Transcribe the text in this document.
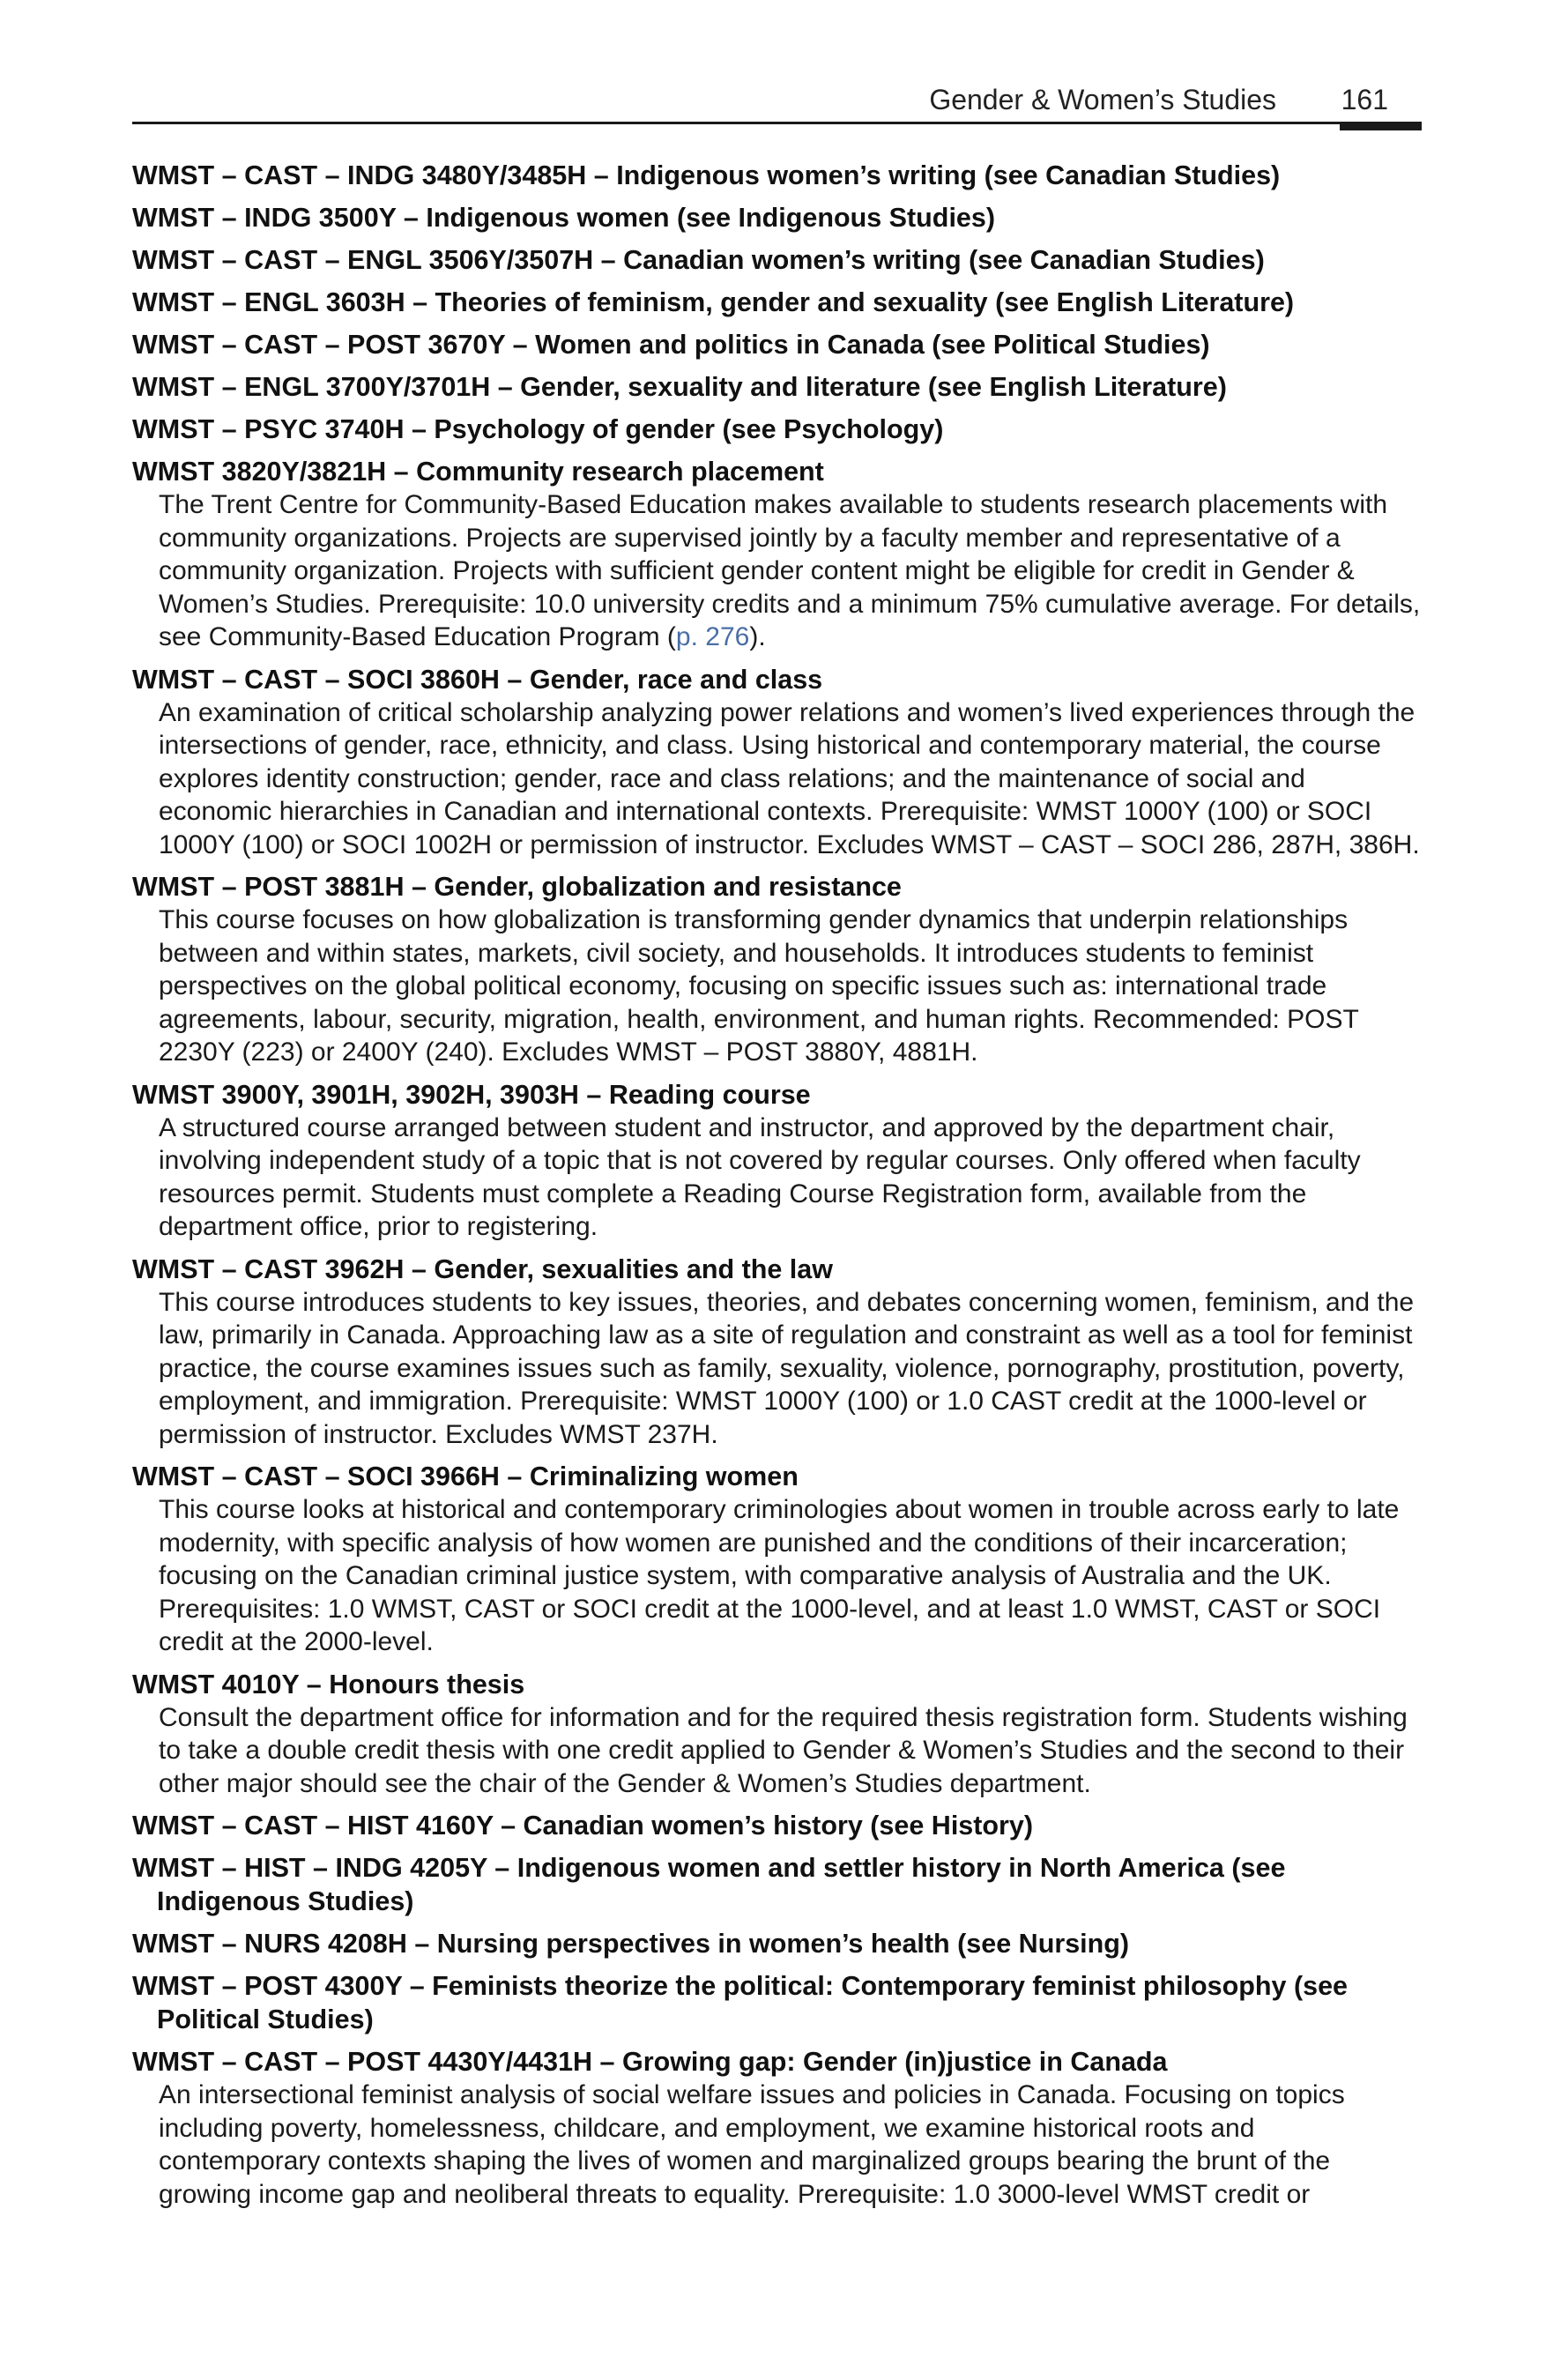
Gender & Women’s Studies 161
WMST – CAST – INDG 3480Y/3485H – Indigenous women’s writing (see Canadian Studies)
WMST – INDG 3500Y – Indigenous women (see Indigenous Studies)
WMST – CAST – ENGL 3506Y/3507H – Canadian women’s writing (see Canadian Studies)
WMST – ENGL 3603H – Theories of feminism, gender and sexuality (see English Literature)
WMST – CAST – POST 3670Y – Women and politics in Canada (see Political Studies)
WMST – ENGL 3700Y/3701H – Gender, sexuality and literature (see English Literature)
WMST – PSYC 3740H – Psychology of gender (see Psychology)
WMST 3820Y/3821H – Community research placement
The Trent Centre for Community-Based Education makes available to students research placements with community organizations. Projects are supervised jointly by a faculty member and representative of a community organization. Projects with sufficient gender content might be eligible for credit in Gender & Women’s Studies. Prerequisite: 10.0 university credits and a minimum 75% cumulative average. For details, see Community-Based Education Program (p. 276).
WMST – CAST – SOCI 3860H – Gender, race and class
An examination of critical scholarship analyzing power relations and women’s lived experiences through the intersections of gender, race, ethnicity, and class. Using historical and contemporary material, the course explores identity construction; gender, race and class relations; and the maintenance of social and economic hierarchies in Canadian and international contexts. Prerequisite: WMST 1000Y (100) or SOCI 1000Y (100) or SOCI 1002H or permission of instructor. Excludes WMST – CAST – SOCI 286, 287H, 386H.
WMST – POST 3881H – Gender, globalization and resistance
This course focuses on how globalization is transforming gender dynamics that underpin relationships between and within states, markets, civil society, and households. It introduces students to feminist perspectives on the global political economy, focusing on specific issues such as: international trade agreements, labour, security, migration, health, environment, and human rights. Recommended: POST 2230Y (223) or 2400Y (240). Excludes WMST – POST 3880Y, 4881H.
WMST 3900Y, 3901H, 3902H, 3903H – Reading course
A structured course arranged between student and instructor, and approved by the department chair, involving independent study of a topic that is not covered by regular courses. Only offered when faculty resources permit. Students must complete a Reading Course Registration form, available from the department office, prior to registering.
WMST – CAST 3962H – Gender, sexualities and the law
This course introduces students to key issues, theories, and debates concerning women, feminism, and the law, primarily in Canada. Approaching law as a site of regulation and constraint as well as a tool for feminist practice, the course examines issues such as family, sexuality, violence, pornography, prostitution, poverty, employment, and immigration. Prerequisite: WMST 1000Y (100) or 1.0 CAST credit at the 1000-level or permission of instructor. Excludes WMST 237H.
WMST – CAST – SOCI 3966H – Criminalizing women
This course looks at historical and contemporary criminologies about women in trouble across early to late modernity, with specific analysis of how women are punished and the conditions of their incarceration; focusing on the Canadian criminal justice system, with comparative analysis of Australia and the UK. Prerequisites: 1.0 WMST, CAST or SOCI credit at the 1000-level, and at least 1.0 WMST, CAST or SOCI credit at the 2000-level.
WMST 4010Y – Honours thesis
Consult the department office for information and for the required thesis registration form. Students wishing to take a double credit thesis with one credit applied to Gender & Women’s Studies and the second to their other major should see the chair of the Gender & Women’s Studies department.
WMST – CAST – HIST 4160Y – Canadian women’s history (see History)
WMST – HIST – INDG 4205Y – Indigenous women and settler history in North America (see Indigenous Studies)
WMST – NURS 4208H – Nursing perspectives in women’s health (see Nursing)
WMST – POST 4300Y – Feminists theorize the political: Contemporary feminist philosophy (see Political Studies)
WMST – CAST – POST 4430Y/4431H – Growing gap: Gender (in)justice in Canada
An intersectional feminist analysis of social welfare issues and policies in Canada. Focusing on topics including poverty, homelessness, childcare, and employment, we examine historical roots and contemporary contexts shaping the lives of women and marginalized groups bearing the brunt of the growing income gap and neoliberal threats to equality. Prerequisite: 1.0 3000-level WMST credit or
